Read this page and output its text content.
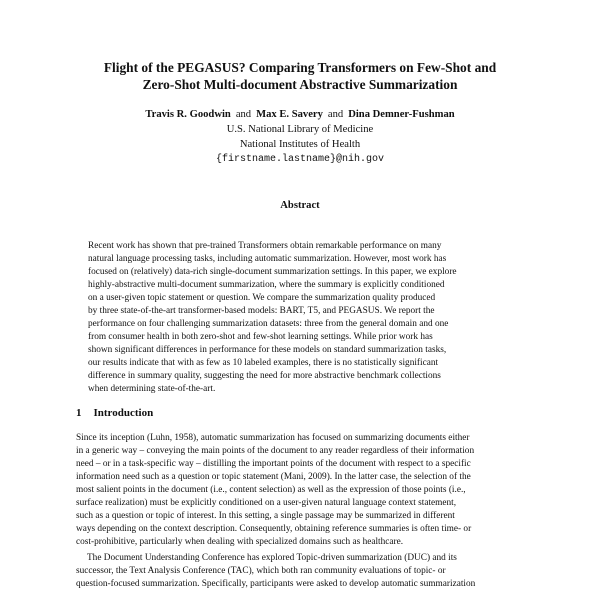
Flight of the PEGASUS? Comparing Transformers on Few-Shot and
Zero-Shot Multi-document Abstractive Summarization
Travis R. Goodwin and Max E. Savery and Dina Demner-Fushman
U.S. National Library of Medicine
National Institutes of Health
{firstname.lastname}@nih.gov
Abstract
Recent work has shown that pre-trained Transformers obtain remarkable performance on many
natural language processing tasks, including automatic summarization. However, most work has
focused on (relatively) data-rich single-document summarization settings. In this paper, we explore
highly-abstractive multi-document summarization, where the summary is explicitly conditioned
on a user-given topic statement or question. We compare the summarization quality produced
by three state-of-the-art transformer-based models: BART, T5, and PEGASUS. We report the
performance on four challenging summarization datasets: three from the general domain and one
from consumer health in both zero-shot and few-shot learning settings. While prior work has
shown significant differences in performance for these models on standard summarization tasks,
our results indicate that with as few as 10 labeled examples, there is no statistically significant
difference in summary quality, suggesting the need for more abstractive benchmark collections
when determining state-of-the-art.
1 Introduction
Since its inception (Luhn, 1958), automatic summarization has focused on summarizing documents either
in a generic way – conveying the main points of the document to any reader regardless of their information
need – or in a task-specific way – distilling the important points of the document with respect to a specific
information need such as a question or topic statement (Mani, 2009). In the latter case, the selection of the
most salient points in the document (i.e., content selection) as well as the expression of those points (i.e.,
surface realization) must be explicitly conditioned on a user-given natural language context statement,
such as a question or topic of interest. In this setting, a single passage may be summarized in different
ways depending on the context description. Consequently, obtaining reference summaries is often time- or
cost-prohibitive, particularly when dealing with specialized domains such as healthcare.
The Document Understanding Conference has explored Topic-driven summarization (DUC) and its
successor, the Text Analysis Conference (TAC), which both ran community evaluations of topic- or
question-focused summarization. Specifically, participants were asked to develop automatic summarization
